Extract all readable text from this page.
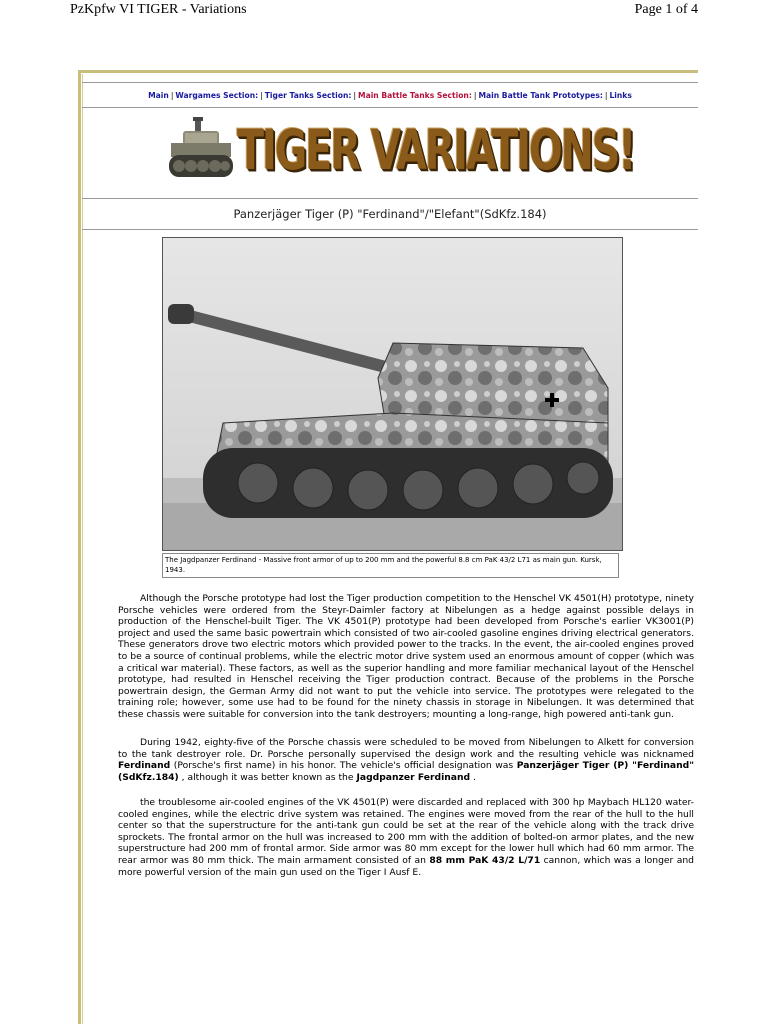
PzKpfw VI TIGER - Variations	Page 1 of 4
Main | Wargames Section: | Tiger Tanks Section: | Main Battle Tanks Section: | Main Battle Tank Prototypes: | Links
TIGER VARIATIONS!
Panzerjäger Tiger (P) "Ferdinand"/"Elefant"(SdKfz.184)
The Jagdpanzer Ferdinand - Massive front armor of up to 200 mm and the powerful 8.8 cm PaK 43/2 L71 as main gun. Kursk, 1943.

Although the Porsche prototype had lost the Tiger production competition to the Henschel VK 4501(H) prototype, ninety Porsche vehicles were ordered from the Steyr-Daimler factory at Nibelungen as a hedge against possible delays in production of the Henschel-built Tiger. The VK 4501(P) prototype had been developed from Porsche's earlier VK3001(P) project and used the same basic powertrain which consisted of two air-cooled gasoline engines driving electrical generators. These generators drove two electric motors which provided power to the tracks. In the event, the air-cooled engines proved to be a source of continual problems, while the electric motor drive system used an enormous amount of copper (which was a critical war material). These factors, as well as the superior handling and more familiar mechanical layout of the Henschel prototype, had resulted in Henschel receiving the Tiger production contract. Because of the problems in the Porsche powertrain design, the German Army did not want to put the vehicle into service. The prototypes were relegated to the training role; however, some use had to be found for the ninety chassis in storage in Nibelungen. It was determined that these chassis were suitable for conversion into the tank destroyers; mounting a long-range, high powered anti-tank gun.

During 1942, eighty-five of the Porsche chassis were scheduled to be moved from Nibelungen to Alkett for conversion to the tank destroyer role. Dr. Porsche personally supervised the design work and the resulting vehicle was nicknamed Ferdinand (Porsche's first name) in his honor. The vehicle's official designation was Panzerjäger Tiger (P) "Ferdinand" (SdKfz.184) , although it was better known as the Jagdpanzer Ferdinand .

the troublesome air-cooled engines of the VK 4501(P) were discarded and replaced with 300 hp Maybach HL120 water-cooled engines, while the electric drive system was retained. The engines were moved from the rear of the hull to the hull center so that the superstructure for the anti-tank gun could be set at the rear of the vehicle along with the track drive sprockets. The frontal armor on the hull was increased to 200 mm with the addition of bolted-on armor plates, and the new superstructure had 200 mm of frontal armor. Side armor was 80 mm except for the lower hull which had 60 mm armor. The rear armor was 80 mm thick. The main armament consisted of an 88 mm PaK 43/2 L/71 cannon, which was a longer and more powerful version of the main gun used on the Tiger I Ausf E.
